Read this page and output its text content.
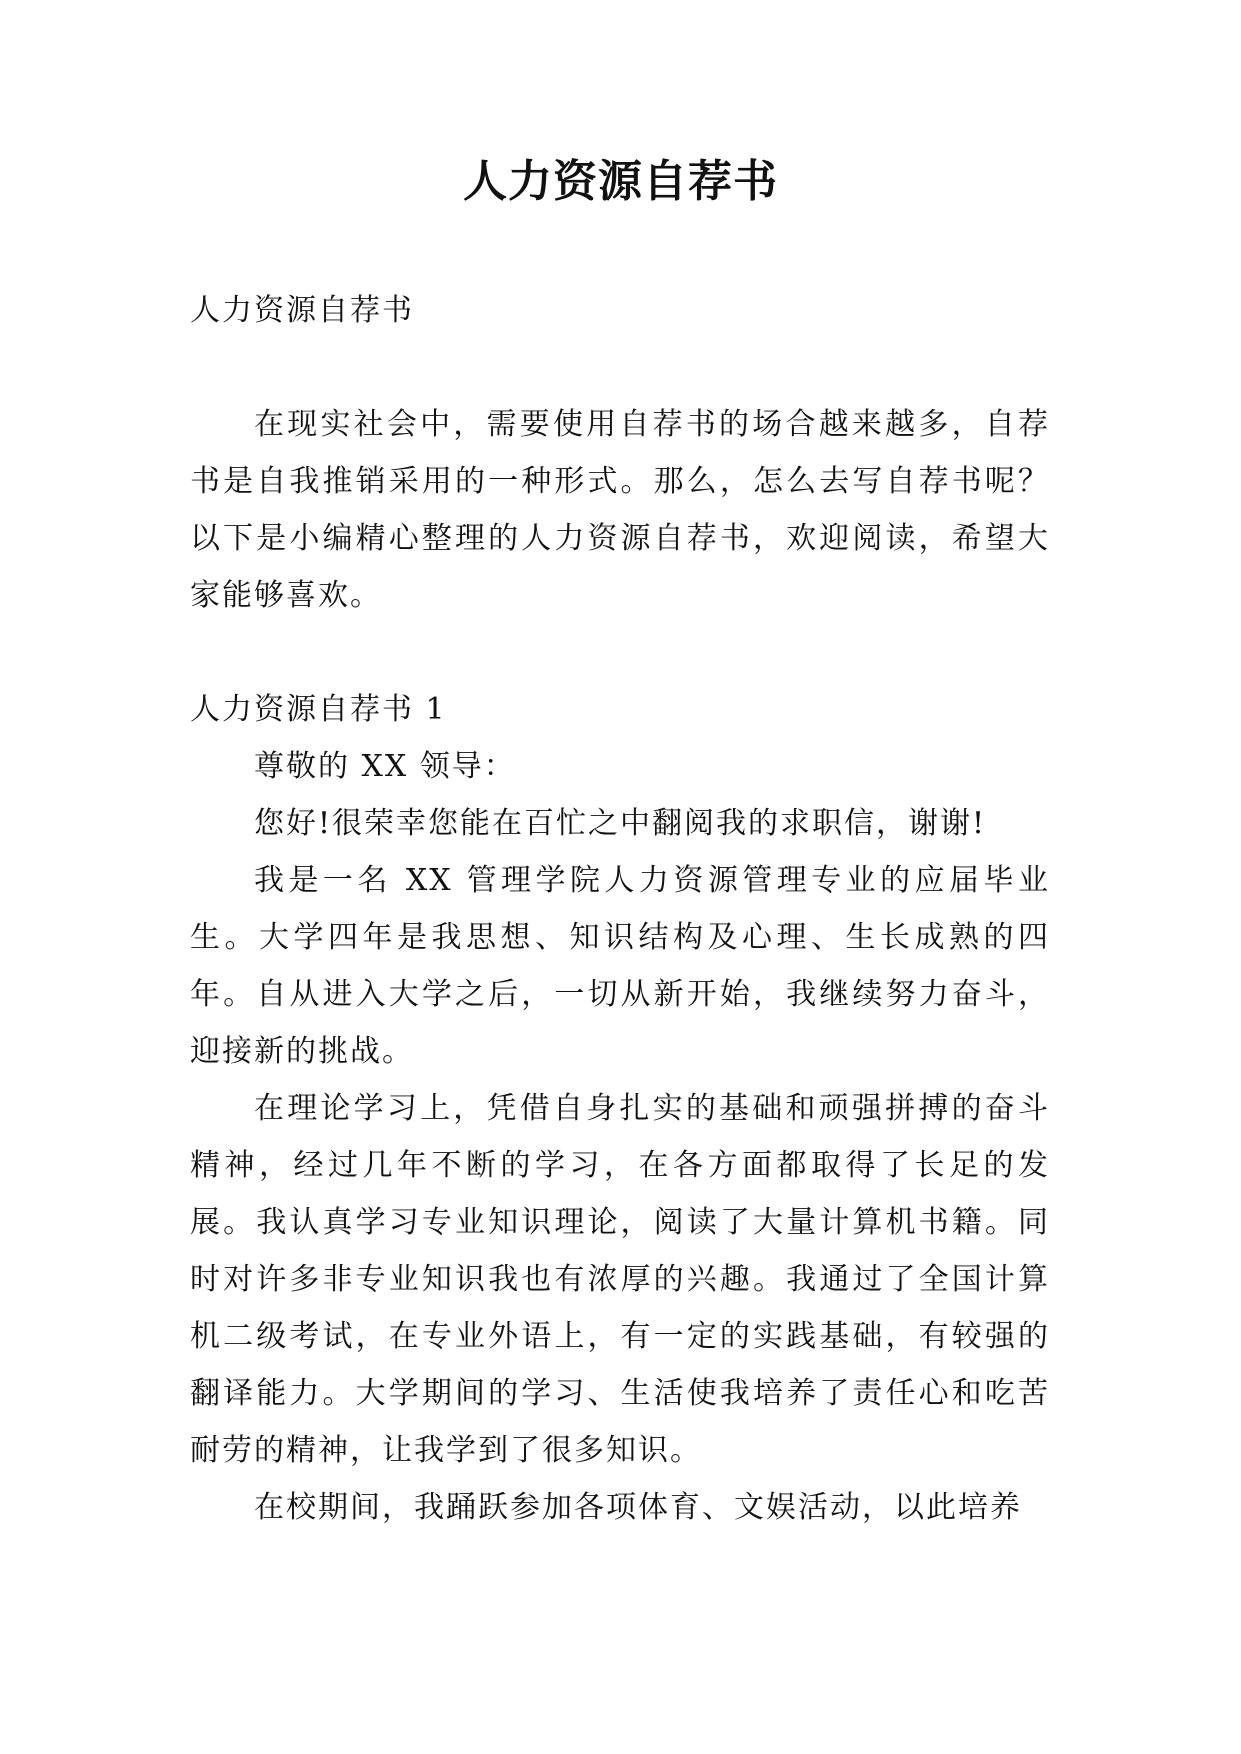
人力资源自荐书

人力资源自荐书

在现实社会中，需要使用自荐书的场合越来越多，自荐书是自我推销采用的一种形式。那么，怎么去写自荐书呢？以下是小编精心整理的人力资源自荐书，欢迎阅读，希望大家能够喜欢。

人力资源自荐书 1

尊敬的 XX 领导：

您好!很荣幸您能在百忙之中翻阅我的求职信，谢谢!

我是一名 XX 管理学院人力资源管理专业的应届毕业生。大学四年是我思想、知识结构及心理、生长成熟的四年。自从进入大学之后，一切从新开始，我继续努力奋斗，迎接新的挑战。

在理论学习上，凭借自身扎实的基础和顽强拼搏的奋斗精神，经过几年不断的学习，在各方面都取得了长足的发展。我认真学习专业知识理论，阅读了大量计算机书籍。同时对许多非专业知识我也有浓厚的兴趣。我通过了全国计算机二级考试，在专业外语上，有一定的实践基础，有较强的翻译能力。大学期间的学习、生活使我培养了责任心和吃苦耐劳的精神，让我学到了很多知识。

在校期间，我踊跃参加各项体育、文娱活动，以此培养
